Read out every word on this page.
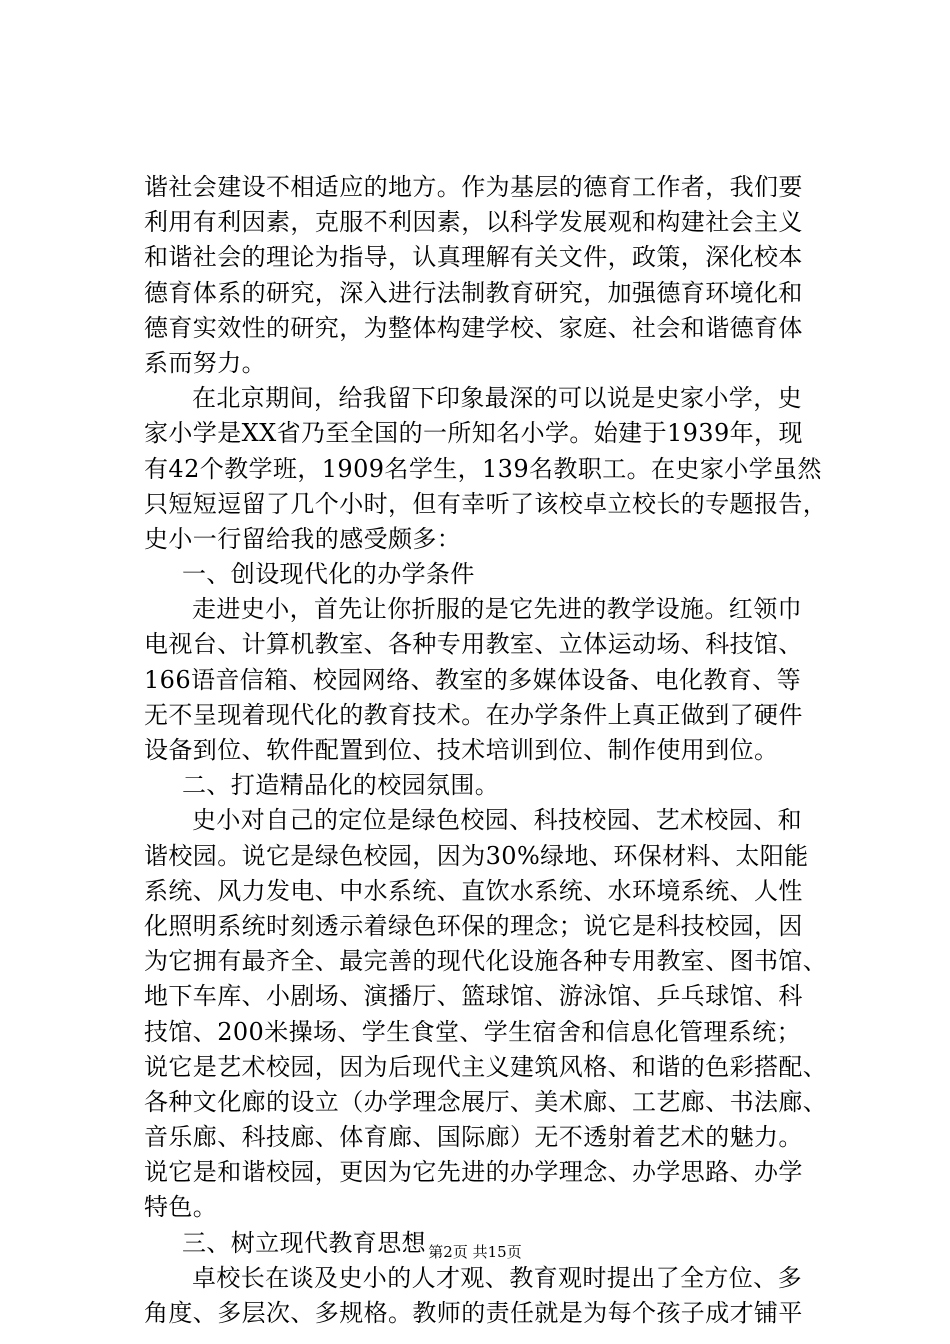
谐社会建设不相适应的地方。作为基层的德育工作者，我们要
利用有利因素，克服不利因素，以科学发展观和构建社会主义
和谐社会的理论为指导，认真理解有关文件，政策，深化校本
德育体系的研究，深入进行法制教育研究，加强德育环境化和
德育实效性的研究，为整体构建学校、家庭、社会和谐德育体
系而努力。
在北京期间，给我留下印象最深的可以说是史家小学，史
家小学是XX省乃至全国的一所知名小学。始建于1939年，现
有42个教学班，1909名学生，139名教职工。在史家小学虽然
只短短逗留了几个小时，但有幸听了该校卓立校长的专题报告，
史小一行留给我的感受颇多：
一、创设现代化的办学条件
走进史小，首先让你折服的是它先进的教学设施。红领巾
电视台、计算机教室、各种专用教室、立体运动场、科技馆、
166语音信箱、校园网络、教室的多媒体设备、电化教育、等
无不呈现着现代化的教育技术。在办学条件上真正做到了硬件
设备到位、软件配置到位、技术培训到位、制作使用到位。
二、打造精品化的校园氛围。
史小对自己的定位是绿色校园、科技校园、艺术校园、和
谐校园。说它是绿色校园，因为30%绿地、环保材料、太阳能
系统、风力发电、中水系统、直饮水系统、水环境系统、人性
化照明系统时刻透示着绿色环保的理念；说它是科技校园，因
为它拥有最齐全、最完善的现代化设施各种专用教室、图书馆、
地下车库、小剧场、演播厅、篮球馆、游泳馆、乒乓球馆、科
技馆、200米操场、学生食堂、学生宿舍和信息化管理系统；
说它是艺术校园，因为后现代主义建筑风格、和谐的色彩搭配、
各种文化廊的设立（办学理念展厅、美术廊、工艺廊、书法廊、
音乐廊、科技廊、体育廊、国际廊）无不透射着艺术的魅力。
说它是和谐校园，更因为它先进的办学理念、办学思路、办学
特色。
三、树立现代教育思想
卓校长在谈及史小的人才观、教育观时提出了全方位、多
角度、多层次、多规格。教师的责任就是为每个孩子成才铺平
第2页 共15页
